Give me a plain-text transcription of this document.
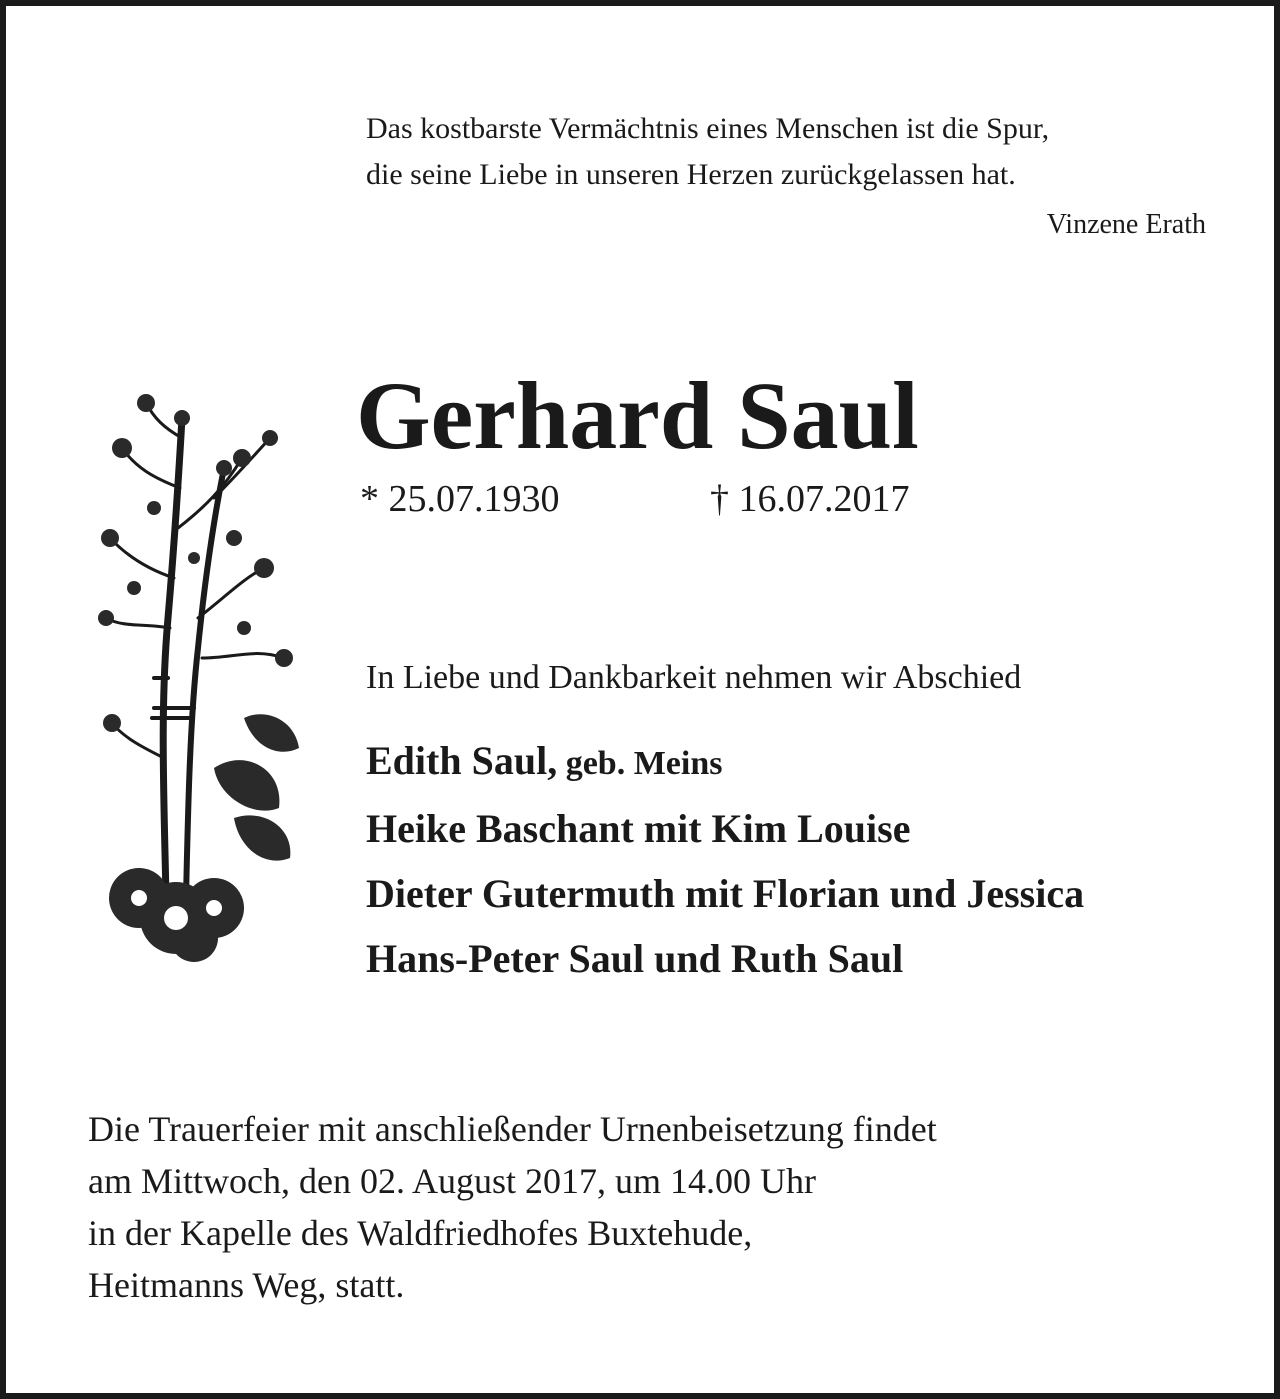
Das kostbarste Vermächtnis eines Menschen ist die Spur,
die seine Liebe in unseren Herzen zurückgelassen hat.
Vinzene Erath
Gerhard Saul
* 25.07.1930	† 16.07.2017
In Liebe und Dankbarkeit nehmen wir Abschied
Edith Saul, geb. Meins
Heike Baschant mit Kim Louise
Dieter Gutermuth mit Florian und Jessica
Hans-Peter Saul und Ruth Saul
Die Trauerfeier mit anschließender Urnenbeisetzung findet
am Mittwoch, den 02. August 2017, um 14.00 Uhr
in der Kapelle des Waldfriedhofes Buxtehude,
Heitmanns Weg, statt.
